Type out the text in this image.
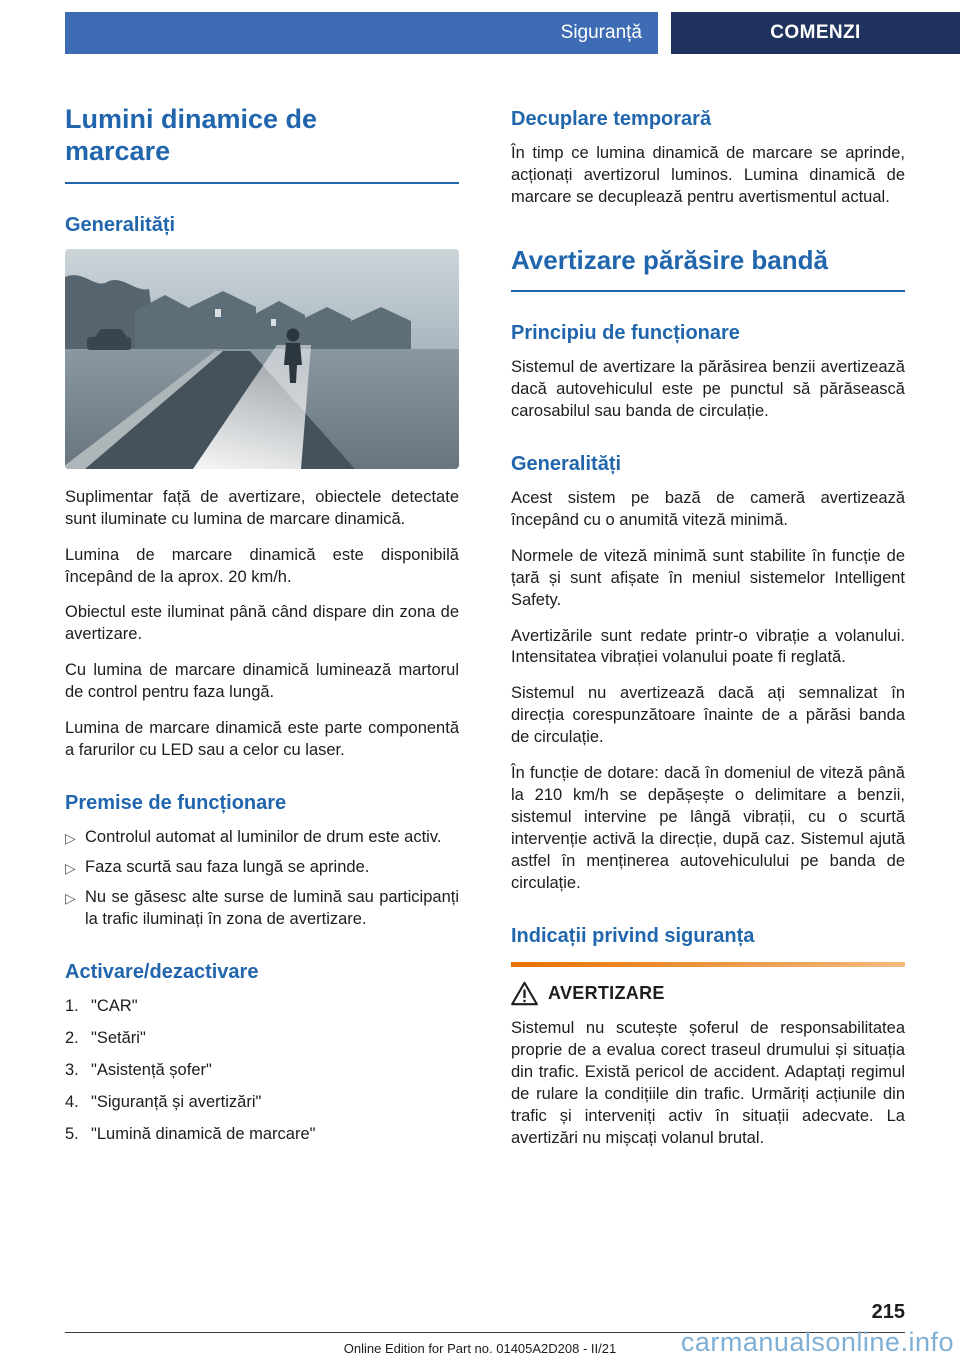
Siguranță	COMENZI
Lumini dinamice de marcare
Generalități

Suplimentar față de avertizare, obiectele detectate sunt iluminate cu lumina de marcare dinamică.

Lumina de marcare dinamică este disponibilă începând de la aprox. 20 km/h.

Obiectul este iluminat până când dispare din zona de avertizare.

Cu lumina de marcare dinamică luminează martorul de control pentru faza lungă.

Lumina de marcare dinamică este parte componentă a farurilor cu LED sau a celor cu laser.

Premise de funcționare
▷ Controlul automat al luminilor de drum este activ.
▷ Faza scurtă sau faza lungă se aprinde.
▷ Nu se găsesc alte surse de lumină sau participanți la trafic iluminați în zona de avertizare.
Activare/dezactivare
1. "CAR"
2. "Setări"
3. "Asistență șofer"
4. "Siguranță și avertizări"
5. "Lumină dinamică de marcare"
Decuplare temporară

În timp ce lumina dinamică de marcare se aprinde, acționați avertizorul luminos. Lumina dinamică de marcare se decuplează pentru avertismentul actual.

Avertizare părăsire bandă
Principiu de funcționare

Sistemul de avertizare la părăsirea benzii avertizează dacă autovehiculul este pe punctul să părăsească carosabilul sau banda de circulație.

Generalități

Acest sistem pe bază de cameră avertizează începând cu o anumită viteză minimă.

Normele de viteză minimă sunt stabilite în funcție de țară și sunt afișate în meniul sistemelor Intelligent Safety.

Avertizările sunt redate printr-o vibrație a volanului. Intensitatea vibrației volanului poate fi reglată.

Sistemul nu avertizează dacă ați semnalizat în direcția corespunzătoare înainte de a părăsi banda de circulație.

În funcție de dotare: dacă în domeniul de viteză până la 210 km/h se depășește o delimitare a benzii, sistemul intervine pe lângă vibrații, cu o scurtă intervenție activă la direcție, după caz. Sistemul ajută astfel în menținerea autovehiculului pe banda de circulație.

Indicații privind siguranța
AVERTIZARE
Sistemul nu scutește șoferul de responsabilitatea proprie de a evalua corect traseul drumului și situația din trafic. Există pericol de accident. Adaptați regimul de rulare la condițiile din trafic. Urmăriți acțiunile din trafic și interveniți activ în situații adecvate. La avertizări nu mișcați volanul brutal.
215
Online Edition for Part no. 01405A2D208 - II/21	carmanualsonline.info
